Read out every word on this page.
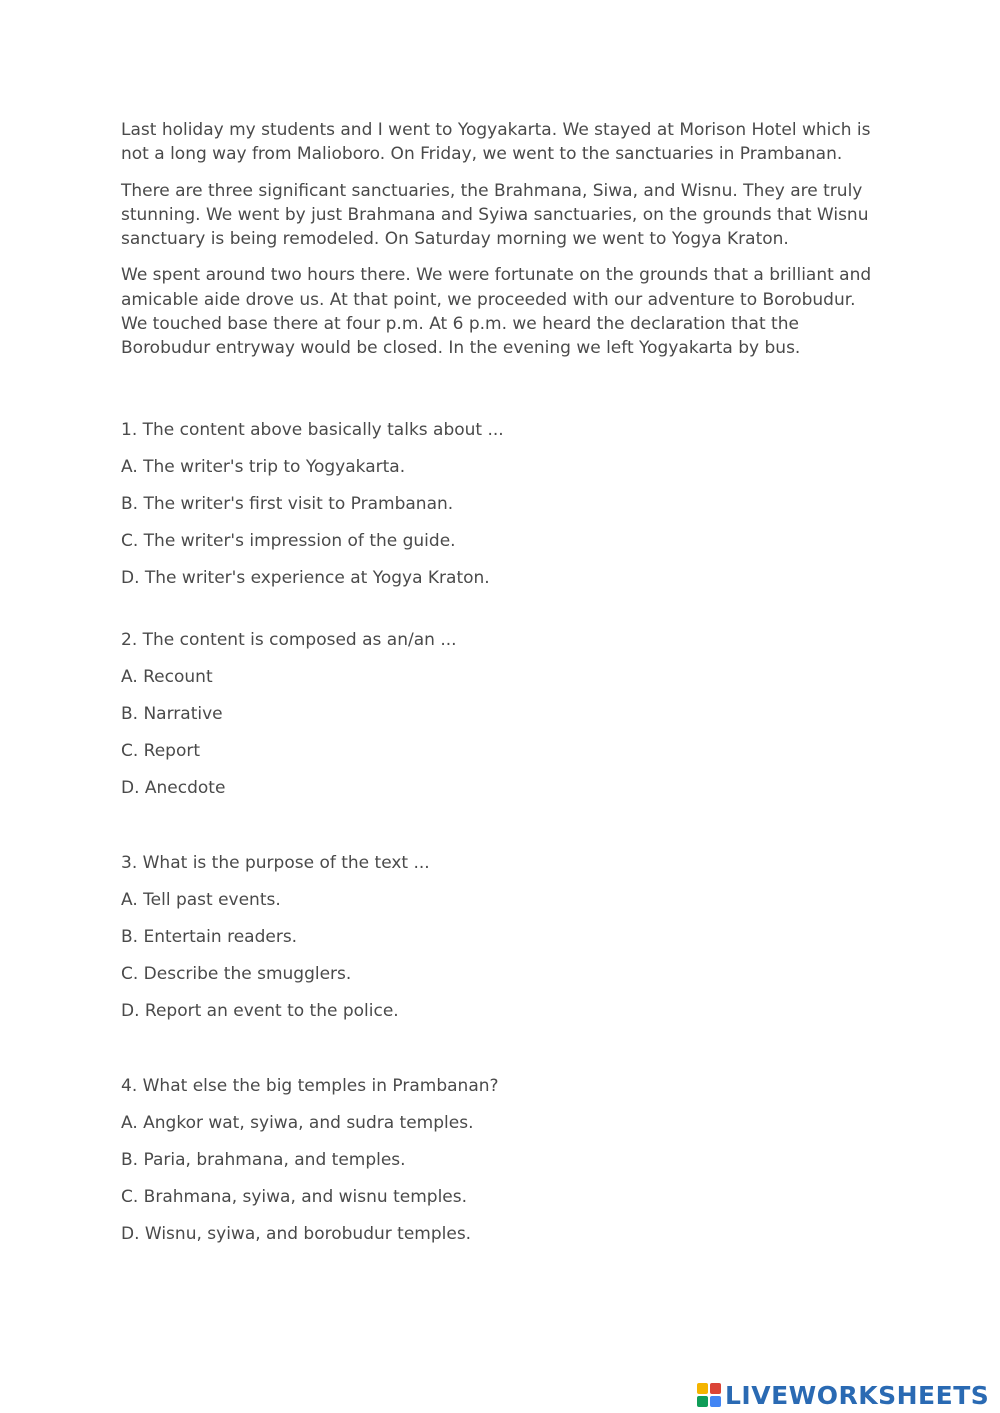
Last holiday my students and I went to Yogyakarta. We stayed at Morison Hotel which is not a long way from Malioboro. On Friday, we went to the sanctuaries in Prambanan.

There are three significant sanctuaries, the Brahmana, Siwa, and Wisnu. They are truly stunning. We went by just Brahmana and Syiwa sanctuaries, on the grounds that Wisnu sanctuary is being remodeled. On Saturday morning we went to Yogya Kraton.

We spent around two hours there. We were fortunate on the grounds that a brilliant and amicable aide drove us. At that point, we proceeded with our adventure to Borobudur. We touched base there at four p.m. At 6 p.m. we heard the declaration that the Borobudur entryway would be closed. In the evening we left Yogyakarta by bus.

1. The content above basically talks about ...
A. The writer's trip to Yogyakarta.
B. The writer's first visit to Prambanan.
C. The writer's impression of the guide.
D. The writer's experience at Yogya Kraton.
2. The content is composed as an/an ...
A. Recount
B. Narrative
C. Report
D. Anecdote
3. What is the purpose of the text ...
A. Tell past events.
B. Entertain readers.
C. Describe the smugglers.
D. Report an event to the police.
4. What else the big temples in Prambanan?
A. Angkor wat, syiwa, and sudra temples.
B. Paria, brahmana, and temples.
C. Brahmana, syiwa, and wisnu temples.
D. Wisnu, syiwa, and borobudur temples.
LIVEWORKSHEETS
